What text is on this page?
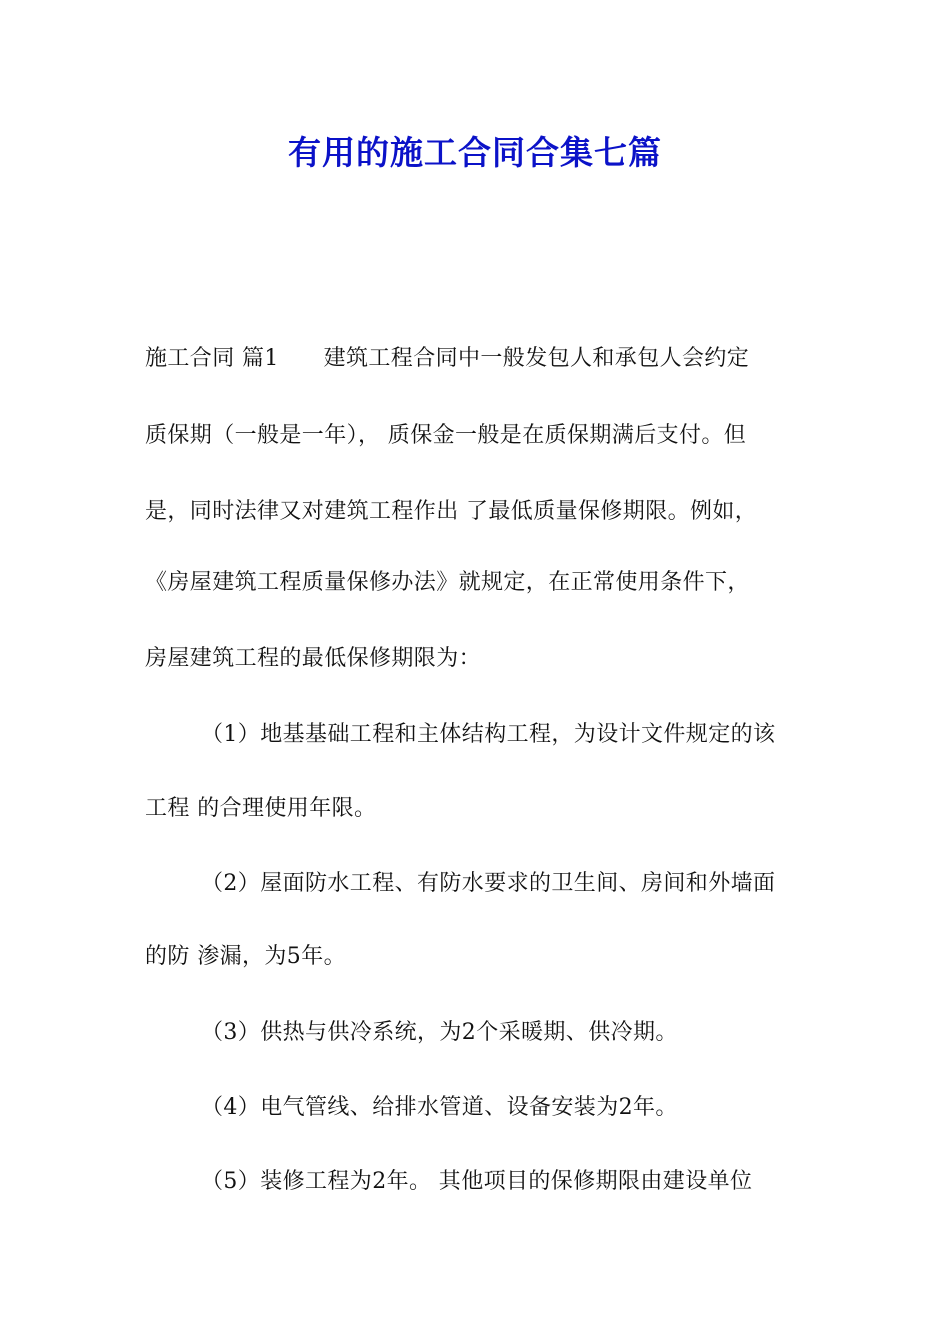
有用的施工合同合集七篇
施工合同 篇1　　建筑工程合同中一般发包人和承包人会约定
质保期（一般是一年）， 质保金一般是在质保期满后支付。但
是，同时法律又对建筑工程作出 了最低质量保修期限。例如，
《房屋建筑工程质量保修办法》就规定，在正常使用条件下，
房屋建筑工程的最低保修期限为：
（1）地基基础工程和主体结构工程，为设计文件规定的该
工程 的合理使用年限。
（2）屋面防水工程、有防水要求的卫生间、房间和外墙面
的防 渗漏，为5年。
（3）供热与供冷系统，为2个采暖期、供冷期。
（4）电气管线、给排水管道、设备安装为2年。
（5）装修工程为2年。 其他项目的保修期限由建设单位
